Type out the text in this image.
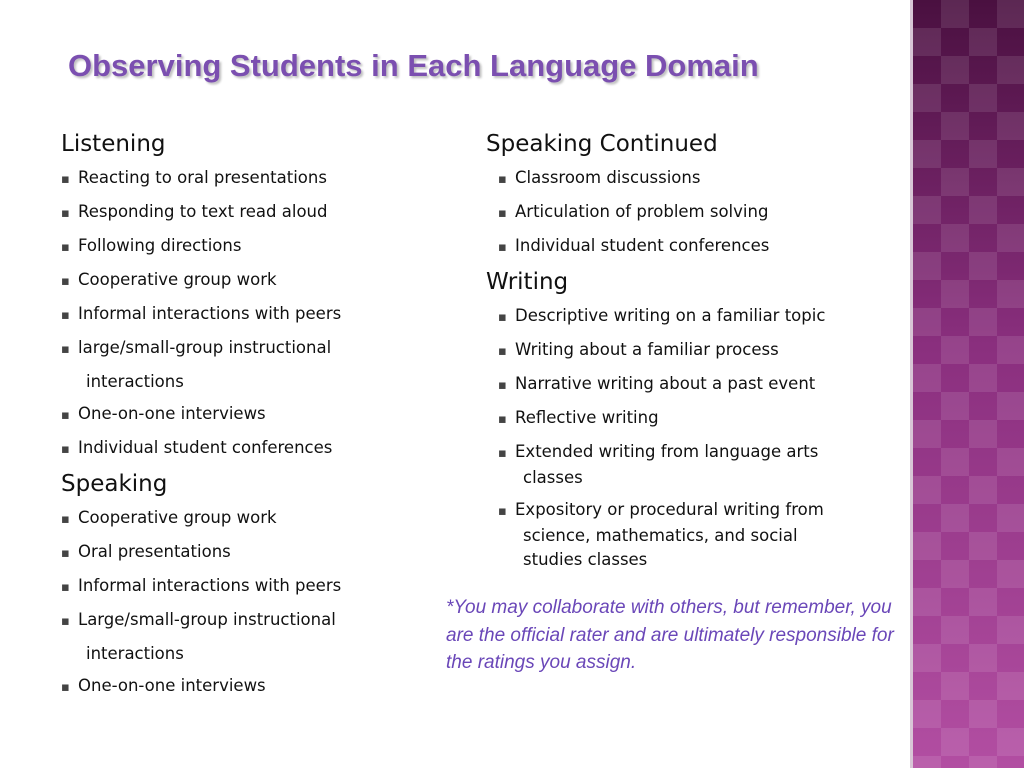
Observing Students in Each Language Domain
Listening
▪ Reacting to oral presentations
▪ Responding to text read aloud
▪ Following directions
▪ Cooperative group work
▪ Informal interactions with peers
▪ large/small-group instructional
interactions
▪ One-on-one interviews
▪ Individual student conferences
Speaking
▪ Cooperative group work
▪ Oral presentations
▪ Informal interactions with peers
▪ Large/small-group instructional
interactions
▪ One-on-one interviews
Speaking Continued
▪ Classroom discussions
▪ Articulation of problem solving
▪ Individual student conferences
Writing
▪ Descriptive writing on a familiar topic
▪ Writing about a familiar process
▪ Narrative writing about a past event
▪ Reflective writing
▪ Extended writing from language arts
classes
▪ Expository or procedural writing from
science, mathematics, and social
studies classes
*You may collaborate with others, but remember, you are the official rater and are ultimately responsible for the ratings you assign.
